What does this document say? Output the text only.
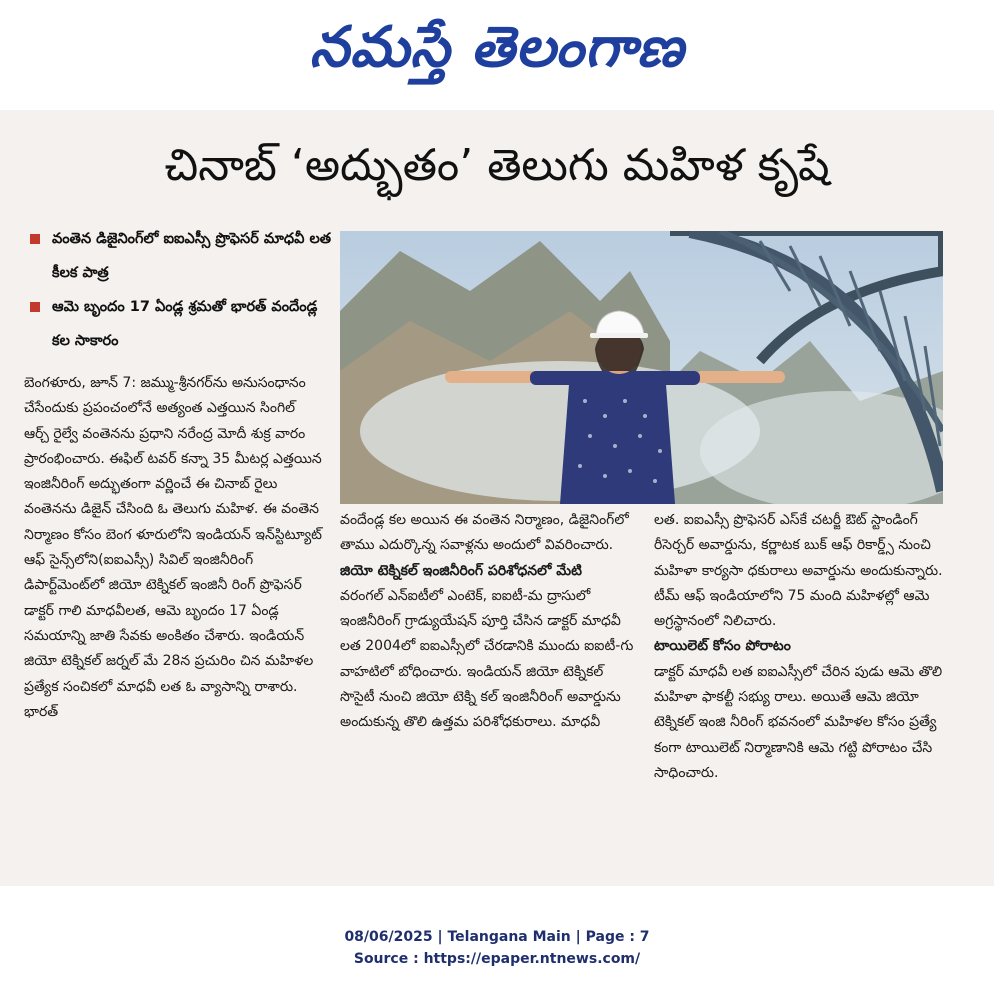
నమస్తే తెలంగాణ
చినాబ్ ‘అద్భుతం’ తెలుగు మహిళ కృషే
వంతెన డిజైనింగ్‌లో ఐఐఎస్సీ ప్రొఫెసర్ మాధవీ లత కీలక పాత్ర
ఆమె బృందం 17 ఏండ్ల శ్రమతో భారత్ వందేండ్ల కల సాకారం

బెంగళూరు, జూన్ 7: జమ్ము-శ్రీనగర్‌ను అనుసంధానం చేసేందుకు ప్రపంచంలోనే అత్యంత ఎత్తయిన సింగిల్ ఆర్చ్ రైల్వే వంతెనను ప్రధాని నరేంద్ర మోదీ శుక్ర వారం ప్రారంభించారు. ఈఫిల్ టవర్ కన్నా 35 మీటర్ల ఎత్తయిన ఇంజినీరింగ్ అద్భుతంగా వర్ణించే ఈ చినాబ్ రైలు వంతెనను డిజైన్ చేసింది ఓ తెలుగు మహిళ. ఈ వంతెన నిర్మాణం కోసం బెంగ ళూరులోని ఇండియన్ ఇన్‌స్టిట్యూట్ ఆఫ్ సైన్స్‌లోని(ఐఐఎస్సీ) సివిల్ ఇంజినీరింగ్ డిపార్ట్‌మెంట్‌లో జియో టెక్నికల్ ఇంజినీ రింగ్ ప్రొఫెసర్ డాక్టర్ గాలి మాధవీలత, ఆమె బృందం 17 ఏండ్ల సమయాన్ని జాతి సేవకు అంకితం చేశారు. ఇండియన్ జియో టెక్నికల్ జర్నల్ మే 28న ప్రచురిం చిన మహిళల ప్రత్యేక సంచికలో మాధవీ లత ఓ వ్యాసాన్ని రాశారు. భారత్

వందేండ్ల కల అయిన ఈ వంతెన నిర్మాణం, డిజైనింగ్‌లో తాము ఎదుర్కొన్న సవాళ్లను అందులో వివరించారు.

జియో టెక్నికల్ ఇంజినీరింగ్ పరిశోధనలో మేటి

వరంగల్ ఎన్ఐటీలో ఎంటెక్, ఐఐటీ-మ ద్రాసులో ఇంజినీరింగ్ గ్రాడ్యుయేషన్ పూర్తి చేసిన డాక్టర్ మాధవీ లత 2004లో ఐఐఎస్సీలో చేరడానికి ముందు ఐఐటీ-గు వాహటిలో బోధించారు. ఇండియన్ జియో టెక్నికల్ సొసైటీ నుంచి జియో టెక్ని కల్ ఇంజినీరింగ్ అవార్డును అందుకున్న తొలి ఉత్తమ పరిశోధకురాలు. మాధవీ

లత. ఐఐఎస్సీ ప్రొఫెసర్ ఎస్‌కే చటర్జీ ఔట్ స్టాండింగ్ రీసెర్చర్ అవార్డును, కర్ణాటక బుక్ ఆఫ్ రికార్డ్స్ నుంచి మహిళా కార్యసా ధకురాలు అవార్డును అందుకున్నారు. టీమ్ ఆఫ్ ఇండియాలోని 75 మంది మహిళల్లో ఆమె అగ్రస్థానంలో నిలిచారు.

టాయిలెట్ కోసం పోరాటం

డాక్టర్ మాధవీ లత ఐఐఎస్సీలో చేరిన పుడు ఆమె తొలి మహిళా ఫాకల్టీ సభ్యు రాలు. అయితే ఆమె జియో టెక్నికల్ ఇంజి నీరింగ్ భవనంలో మహిళల కోసం ప్రత్యే కంగా టాయిలెట్ నిర్మాణానికి ఆమె గట్టి పోరాటం చేసి సాధించారు.

08/06/2025 | Telangana Main | Page : 7
Source : https://epaper.ntnews.com/
